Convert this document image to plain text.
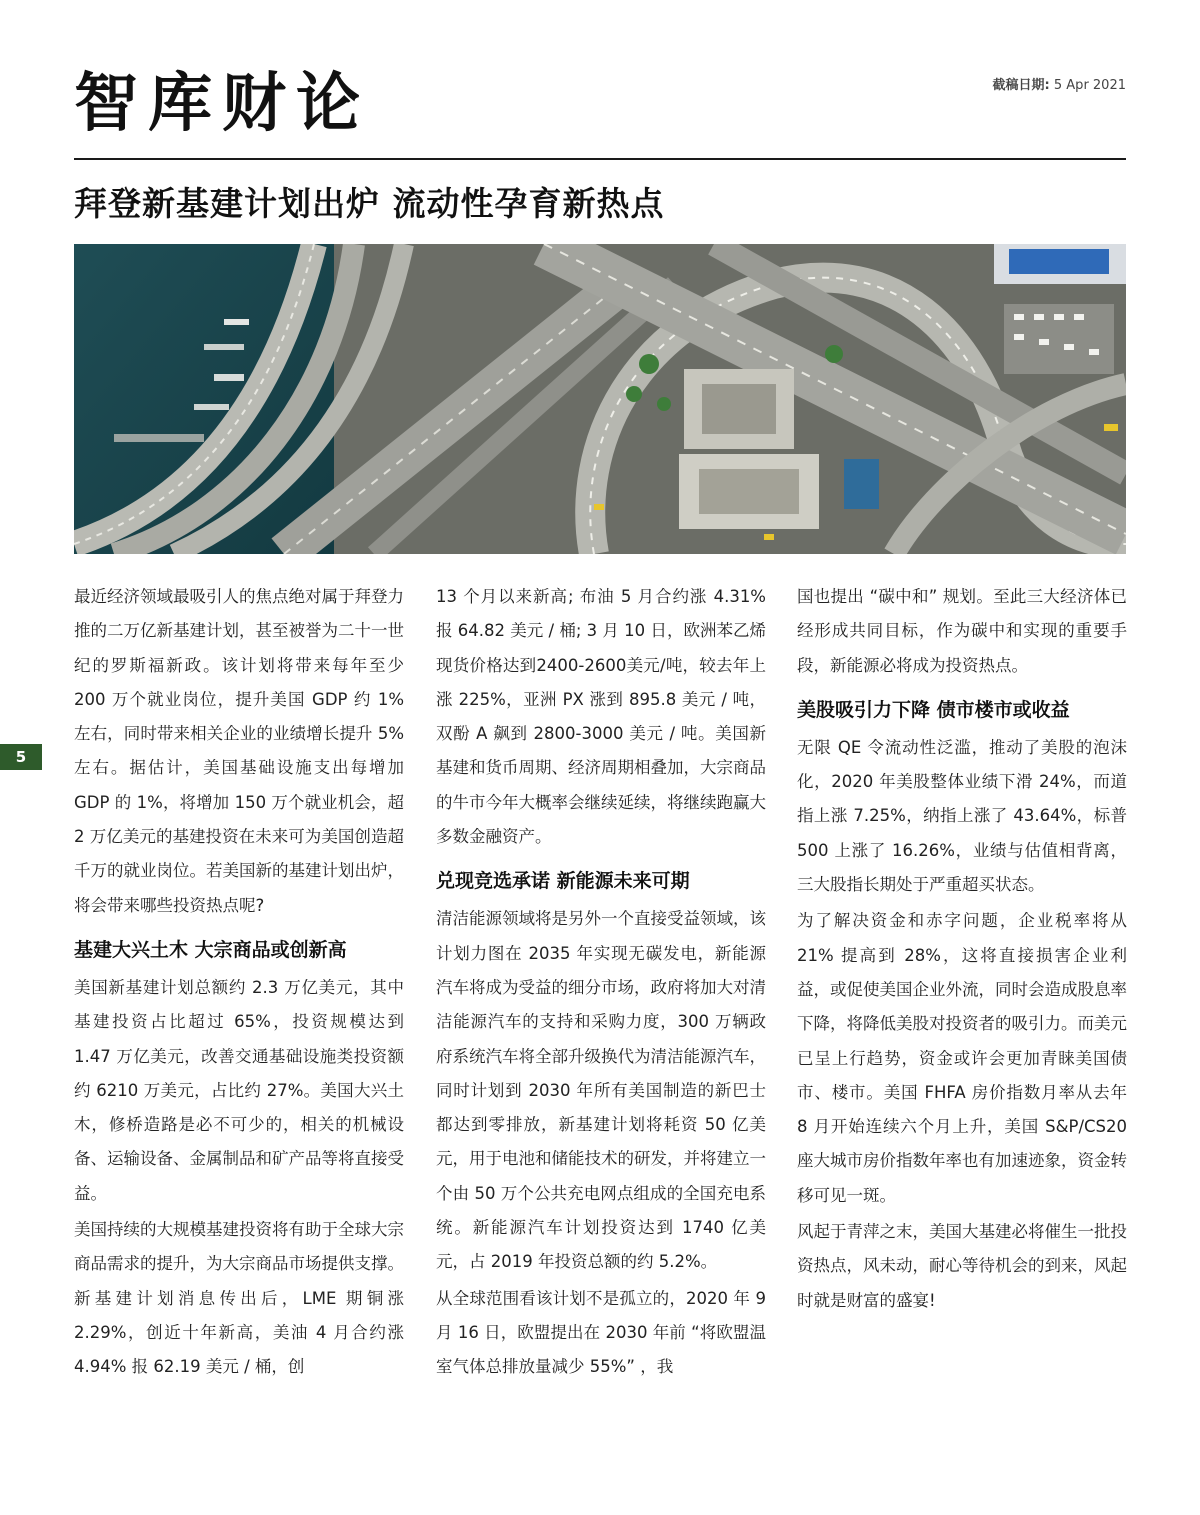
智库财论	截稿日期: 5 Apr 2021
拜登新基建计划出炉 流动性孕育新热点
5

最近经济领域最吸引人的焦点绝对属于拜登力推的二万亿新基建计划，甚至被誉为二十一世纪的罗斯福新政。该计划将带来每年至少 200 万个就业岗位，提升美国 GDP 约 1% 左右，同时带来相关企业的业绩增长提升 5% 左右。据估计，美国基础设施支出每增加 GDP 的 1%，将增加 150 万个就业机会，超 2 万亿美元的基建投资在未来可为美国创造超千万的就业岗位。若美国新的基建计划出炉，将会带来哪些投资热点呢?

基建大兴土木 大宗商品或创新高

美国新基建计划总额约 2.3 万亿美元，其中基建投资占比超过 65%，投资规模达到 1.47 万亿美元，改善交通基础设施类投资额约 6210 万美元，占比约 27%。美国大兴土木，修桥造路是必不可少的，相关的机械设备、运输设备、金属制品和矿产品等将直接受益。

美国持续的大规模基建投资将有助于全球大宗商品需求的提升，为大宗商品市场提供支撑。新基建计划消息传出后，LME 期铜涨 2.29%，创近十年新高，美油 4 月合约涨 4.94% 报 62.19 美元 / 桶，创

13 个月以来新高; 布油 5 月合约涨 4.31% 报 64.82 美元 / 桶; 3 月 10 日，欧洲苯乙烯现货价格达到2400-2600美元/吨，较去年上涨 225%，亚洲 PX 涨到 895.8 美元 / 吨，双酚 A 飙到 2800-3000 美元 / 吨。美国新基建和货币周期、经济周期相叠加，大宗商品的牛市今年大概率会继续延续，将继续跑赢大多数金融资产。

兑现竞选承诺 新能源未来可期

清洁能源领域将是另外一个直接受益领域，该计划力图在 2035 年实现无碳发电，新能源汽车将成为受益的细分市场，政府将加大对清洁能源汽车的支持和采购力度，300 万辆政府系统汽车将全部升级换代为清洁能源汽车，同时计划到 2030 年所有美国制造的新巴士都达到零排放，新基建计划将耗资 50 亿美元，用于电池和储能技术的研发，并将建立一个由 50 万个公共充电网点组成的全国充电系统。新能源汽车计划投资达到 1740 亿美元，占 2019 年投资总额的约 5.2%。

从全球范围看该计划不是孤立的，2020 年 9 月 16 日，欧盟提出在 2030 年前 “将欧盟温室气体总排放量减少 55%” ，我

国也提出 “碳中和” 规划。至此三大经济体已经形成共同目标，作为碳中和实现的重要手段，新能源必将成为投资热点。

美股吸引力下降 债市楼市或收益

无限 QE 令流动性泛滥，推动了美股的泡沫化，2020 年美股整体业绩下滑 24%，而道指上涨 7.25%，纳指上涨了 43.64%，标普 500 上涨了 16.26%，业绩与估值相背离，三大股指长期处于严重超买状态。

为了解决资金和赤字问题，企业税率将从 21% 提高到 28%，这将直接损害企业利益，或促使美国企业外流，同时会造成股息率下降，将降低美股对投资者的吸引力。而美元已呈上行趋势，资金或许会更加青睐美国债市、楼市。美国 FHFA 房价指数月率从去年 8 月开始连续六个月上升，美国 S&P/CS20 座大城市房价指数年率也有加速迹象，资金转移可见一斑。

风起于青萍之末，美国大基建必将催生一批投资热点，风未动，耐心等待机会的到来，风起时就是财富的盛宴!
